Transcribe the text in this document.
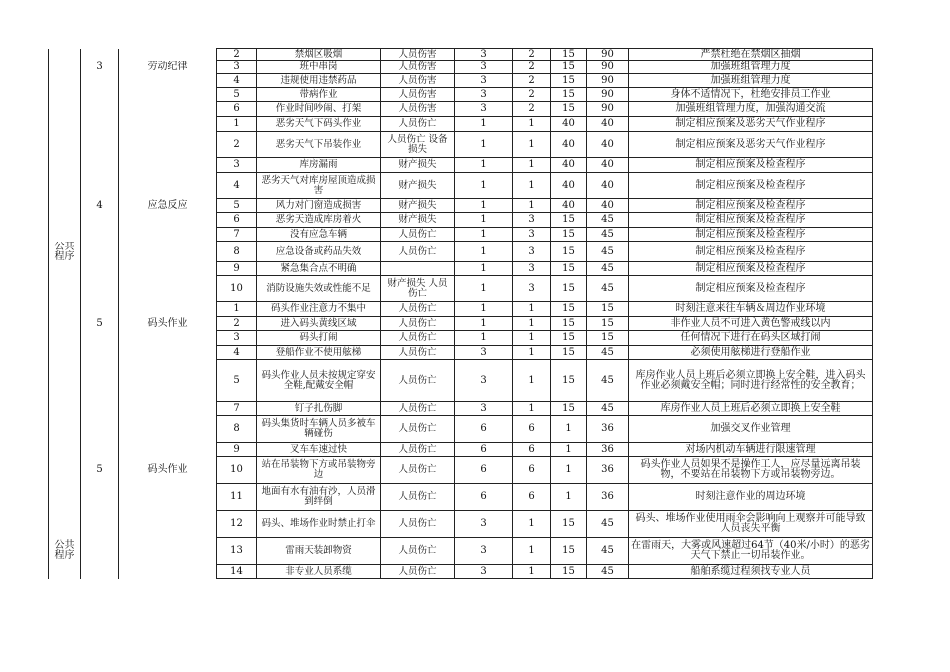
			2	禁烟区吸烟	人员伤害	3	2	15	90	严禁杜绝在禁烟区抽烟
	3	劳动纪律	3	班中串岗	人员伤害	3	2	15	90	加强班组管理力度
			4	违规使用违禁药品	人员伤害	3	2	15	90	加强班组管理力度
			5	带病作业	人员伤害	3	2	15	90	身体不适情况下，杜绝安排员工作业
			6	作业时间吵闹、打架	人员伤害	3	2	15	90	加强班组管理力度，加强沟通交流
			1	恶劣天气下码头作业	人员伤亡	1	1	40	40	制定相应预案及恶劣天气作业程序
			2	恶劣天气下吊装作业	人员伤亡 设备损失	1	1	40	40	制定相应预案及恶劣天气作业程序
			3	库房漏雨	财产损失	1	1	40	40	制定相应预案及检查程序
			4	恶劣天气对库房屋顶造成损害	财产损失	1	1	40	40	制定相应预案及检查程序
	4	应急反应	5	风力对门窗造成损害	财产损失	1	1	40	40	制定相应预案及检查程序
			6	恶劣天造成库房着火	财产损失	1	3	15	45	制定相应预案及检查程序
			7	没有应急车辆	人员伤亡	1	3	15	45	制定相应预案及检查程序
公共
程序			8	应急设备或药品失效	人员伤亡	1	3	15	45	制定相应预案及检查程序
			9	紧急集合点不明确		1	3	15	45	制定相应预案及检查程序
			10	消防设施失效或性能不足	财产损失 人员伤亡	1	3	15	45	制定相应预案及检查程序
			1	码头作业注意力不集中	人员伤亡	1	1	15	15	时刻注意来往车辆＆周边作业环境
	5	码头作业	2	进入码头黄线区域	人员伤亡	1	1	15	15	非作业人员不可进入黄色警戒线以内
			3	码头打闹	人员伤亡	1	1	15	15	任何情况下进行在码头区域打闹
			4	登船作业不使用舷梯	人员伤亡	3	1	15	45	必须使用舷梯进行登船作业
			5	码头作业人员未按规定穿安全鞋,配戴安全帽	人员伤亡	3	1	15	45	库房作业人员上班后必须立即换上安全鞋，进入码头作业必须戴安全帽；同时进行经常性的安全教育；
			7	钉子扎伤脚	人员伤亡	3	1	15	45	库房作业人员上班后必须立即换上安全鞋
			8	码头集货时车辆人员多被车辆碰伤	人员伤亡	6	6	1	36	加强交叉作业管理
			9	叉车车速过快	人员伤亡	6	6	1	36	对场内机动车辆进行限速管理
	5	码头作业	10	站在吊装物下方或吊装物旁边	人员伤亡	6	6	1	36	码头作业人员如果不是操作工人，应尽量远离吊装物，不要站在吊装物下方或吊装物旁边。
			11	地面有水有油有沙，人员滑到绊倒	人员伤亡	6	6	1	36	时刻注意作业的周边环境
			12	码头、堆场作业时禁止打伞	人员伤亡	3	1	15	45	码头、堆场作业使用雨伞会影响向上观察并可能导致人员丧失平衡
公共
程序			13	雷雨天装卸物资	人员伤亡	3	1	15	45	在雷雨天，大雾或风速超过64节（40米/小时）的恶劣天气下禁止一切吊装作业。
			14	非专业人员系缆	人员伤亡	3	1	15	45	船舶系缆过程须找专业人员
